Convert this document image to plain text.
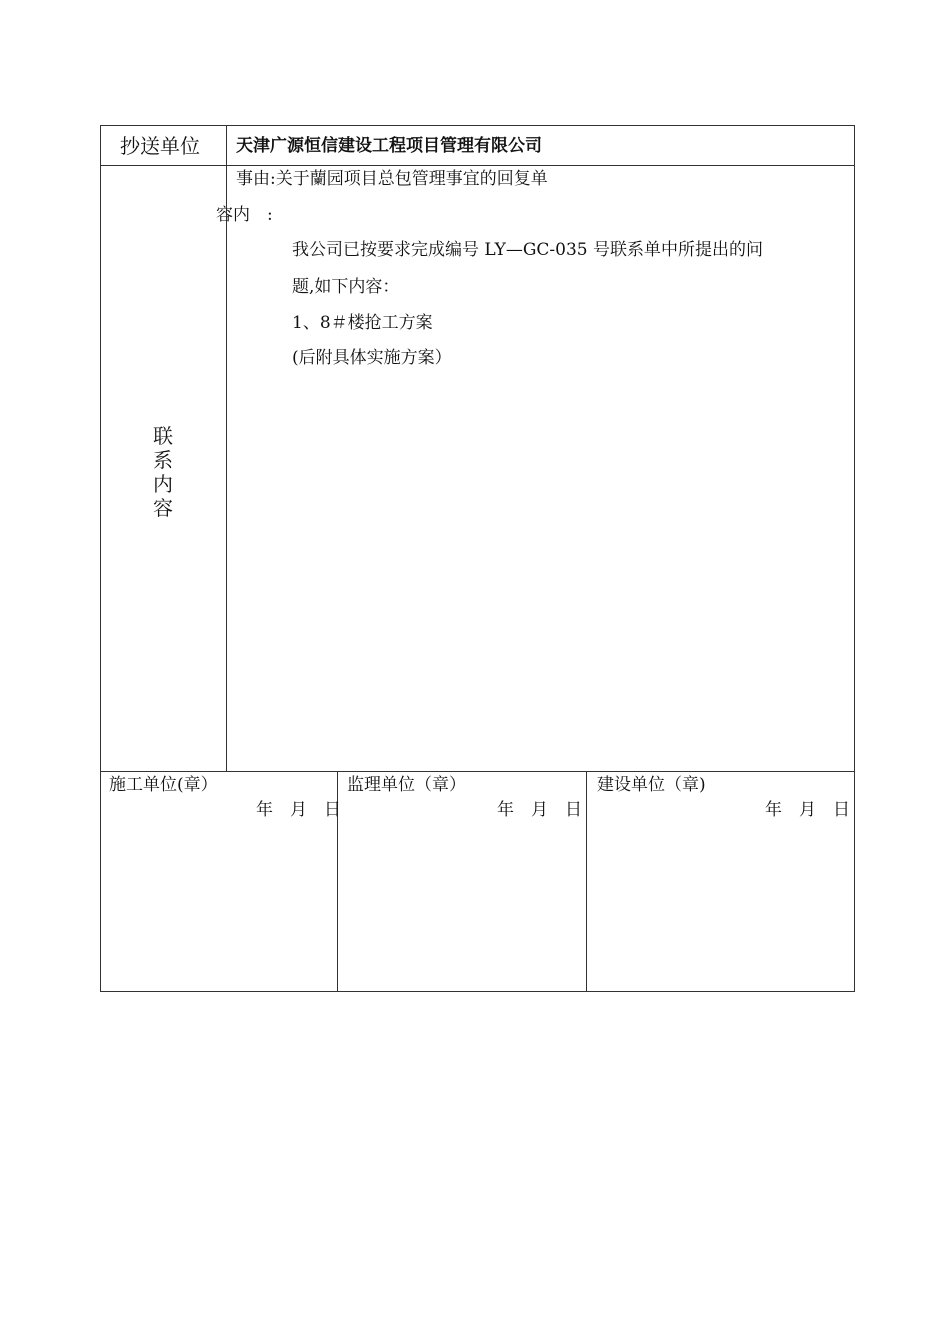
抄送单位 天津广源恒信建设工程项目管理有限公司
联系内容
事由:关于蘭园项目总包管理事宜的回复单
容内　:
我公司已按要求完成编号 LY—GC-035 号联系单中所提出的问
题,如下内容：
1、8＃楼抢工方案
(后附具体实施方案）
施工单位(章）
年　月　日
监理单位（章）
年　月　日
建设单位（章)
年　月　日
